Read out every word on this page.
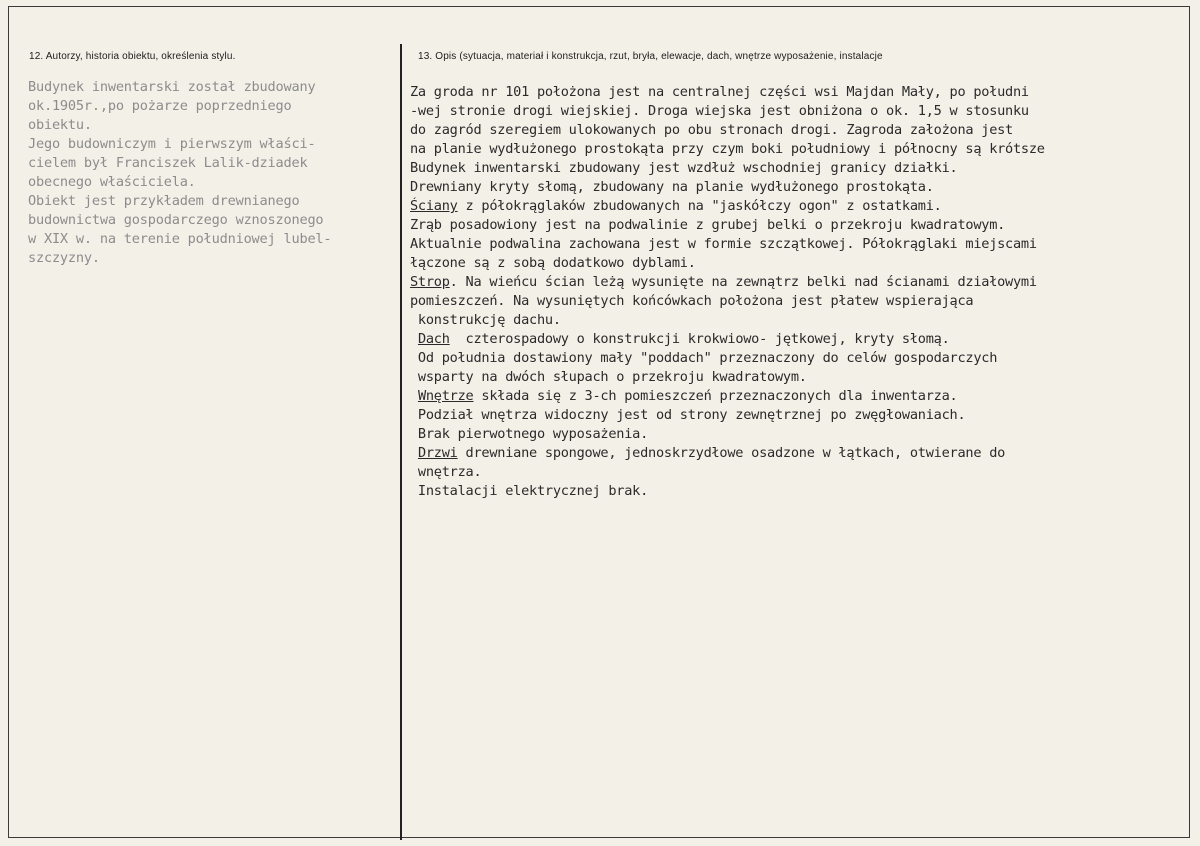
12. Autorzy, historia obiektu, określenia stylu.	13. Opis (sytuacja, materiał i konstrukcja, rzut, bryła, elewacje, dach, wnętrze wyposażenie, instalacje
Budynek inwentarski został zbudowany
ok.1905r.,po pożarze poprzedniego
obiektu.
Jego budowniczym i pierwszym właści-
cielem był Franciszek Lalik-dziadek
obecnego właściciela.
Obiekt jest przykładem drewnianego
budownictwa gospodarczego wznoszonego
w XIX w. na terenie południowej lubel-
szczyzny.
Za groda nr 101 położona jest na centralnej części wsi Majdan Mały, po południ
-wej stronie drogi wiejskiej. Droga wiejska jest obniżona o ok. 1,5 w stosunku
do zagród szeregiem ulokowanych po obu stronach drogi. Zagroda założona jest
na planie wydłużonego prostokąta przy czym boki południowy i północny są krótsze
Budynek inwentarski zbudowany jest wzdłuż wschodniej granicy działki.
Drewniany kryty słomą, zbudowany na planie wydłużonego prostokąta.
Ściany z półokrąglaków zbudowanych na "jaskółczy ogon" z ostatkami.
Zrąb posadowiony jest na podwalinie z grubej belki o przekroju kwadratowym.
Aktualnie podwalina zachowana jest w formie szczątkowej. Półokrąglaki miejscami
łączone są z sobą dodatkowo dyblami.
Strop. Na wieńcu ścian leżą wysunięte na zewnątrz belki nad ścianami działowymi
pomieszczeń. Na wysuniętych końcówkach położona jest płatew wspierająca
konstrukcję dachu.
Dach  czterospadowy o konstrukcji krokwiowo- jętkowej, kryty słomą.
Od południa dostawiony mały "poddach" przeznaczony do celów gospodarczych
wsparty na dwóch słupach o przekroju kwadratowym.
Wnętrze składa się z 3-ch pomieszczeń przeznaczonych dla inwentarza.
Podział wnętrza widoczny jest od strony zewnętrznej po zwęgłowaniach.
Brak pierwotnego wyposażenia.
Drzwi drewniane spongowe, jednoskrzydłowe osadzone w łątkach, otwierane do
wnętrza.
Instalacji elektrycznej brak.
